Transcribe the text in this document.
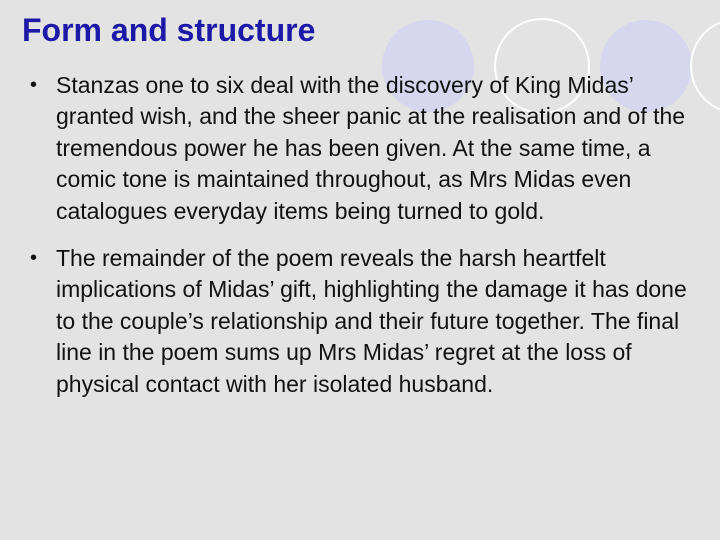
Form and structure

• Stanzas one to six deal with the discovery of King Midas’ granted wish, and the sheer panic at the realisation and of the tremendous power he has been given. At the same time, a comic tone is maintained throughout, as Mrs Midas even catalogues everyday items being turned to gold.

• The remainder of the poem reveals the harsh heartfelt implications of Midas’ gift, highlighting the damage it has done to the couple’s relationship and their future together. The final line in the poem sums up Mrs Midas’ regret at the loss of physical contact with her isolated husband.
